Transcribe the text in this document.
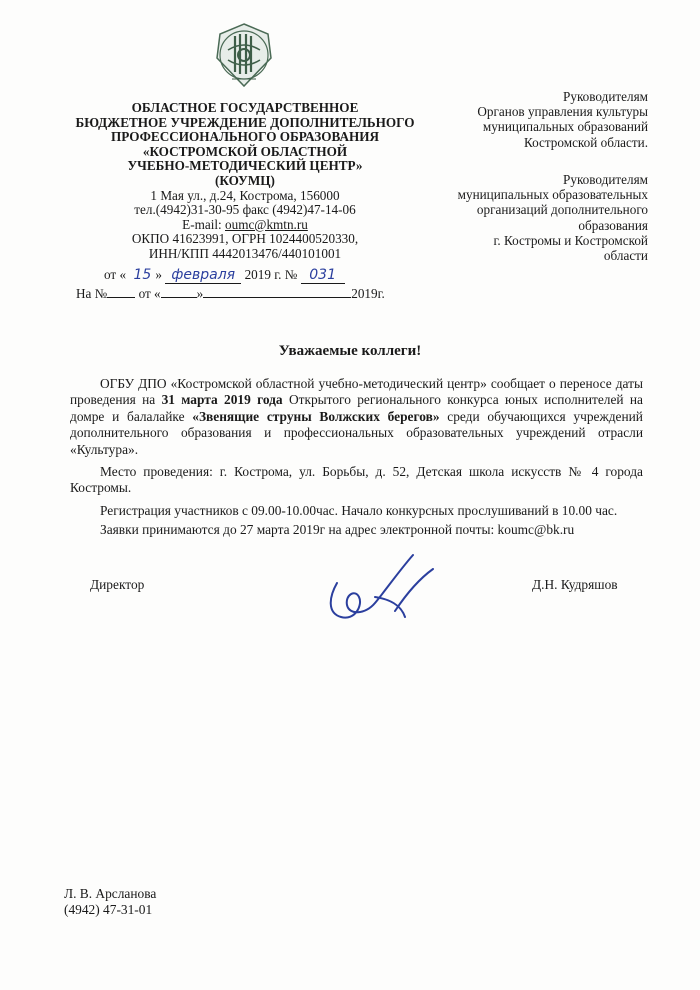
ОБЛАСТНОЕ ГОСУДАРСТВЕННОЕ
БЮДЖЕТНОЕ УЧРЕЖДЕНИЕ ДОПОЛНИТЕЛЬНОГО
ПРОФЕССИОНАЛЬНОГО ОБРАЗОВАНИЯ
«КОСТРОМСКОЙ ОБЛАСТНОЙ
УЧЕБНО-МЕТОДИЧЕСКИЙ ЦЕНТР»
(КОУМЦ)
1 Мая ул., д.24, Кострома, 156000
тел.(4942)31-30-95 факс (4942)47-14-06
E-mail: oumc@kmtn.ru
ОКПО 41623991, ОГРН 1024400520330,
ИНН/КПП 4442013476/440101001
от « 15 » февраля 2019 г. № 031
На № от «	»	2019г.
Руководителям
Органов управления культуры
муниципальных образований
Костромской области.
Руководителям
муниципальных образовательных
организаций дополнительного
образования
г. Костромы и Костромской
области
Уважаемые коллеги!

ОГБУ ДПО «Костромской областной учебно-методический центр» сообщает о переносе даты проведения на 31 марта 2019 года Открытого регионального конкурса юных исполнителей на домре и балалайке «Звенящие струны Волжских берегов» среди обучающихся учреждений дополнительного образования и профессиональных образовательных учреждений отрасли «Культура».

Место проведения: г. Кострома, ул. Борьбы, д. 52, Детская школа искусств № 4 города Костромы.

Регистрация участников с 09.00-10.00час. Начало конкурсных прослушиваний в 10.00 час.

Заявки принимаются до 27 марта 2019г на адрес электронной почты: koumc@bk.ru

Директор	Д.Н. Кудряшов
Л. В. Арсланова
(4942) 47-31-01
